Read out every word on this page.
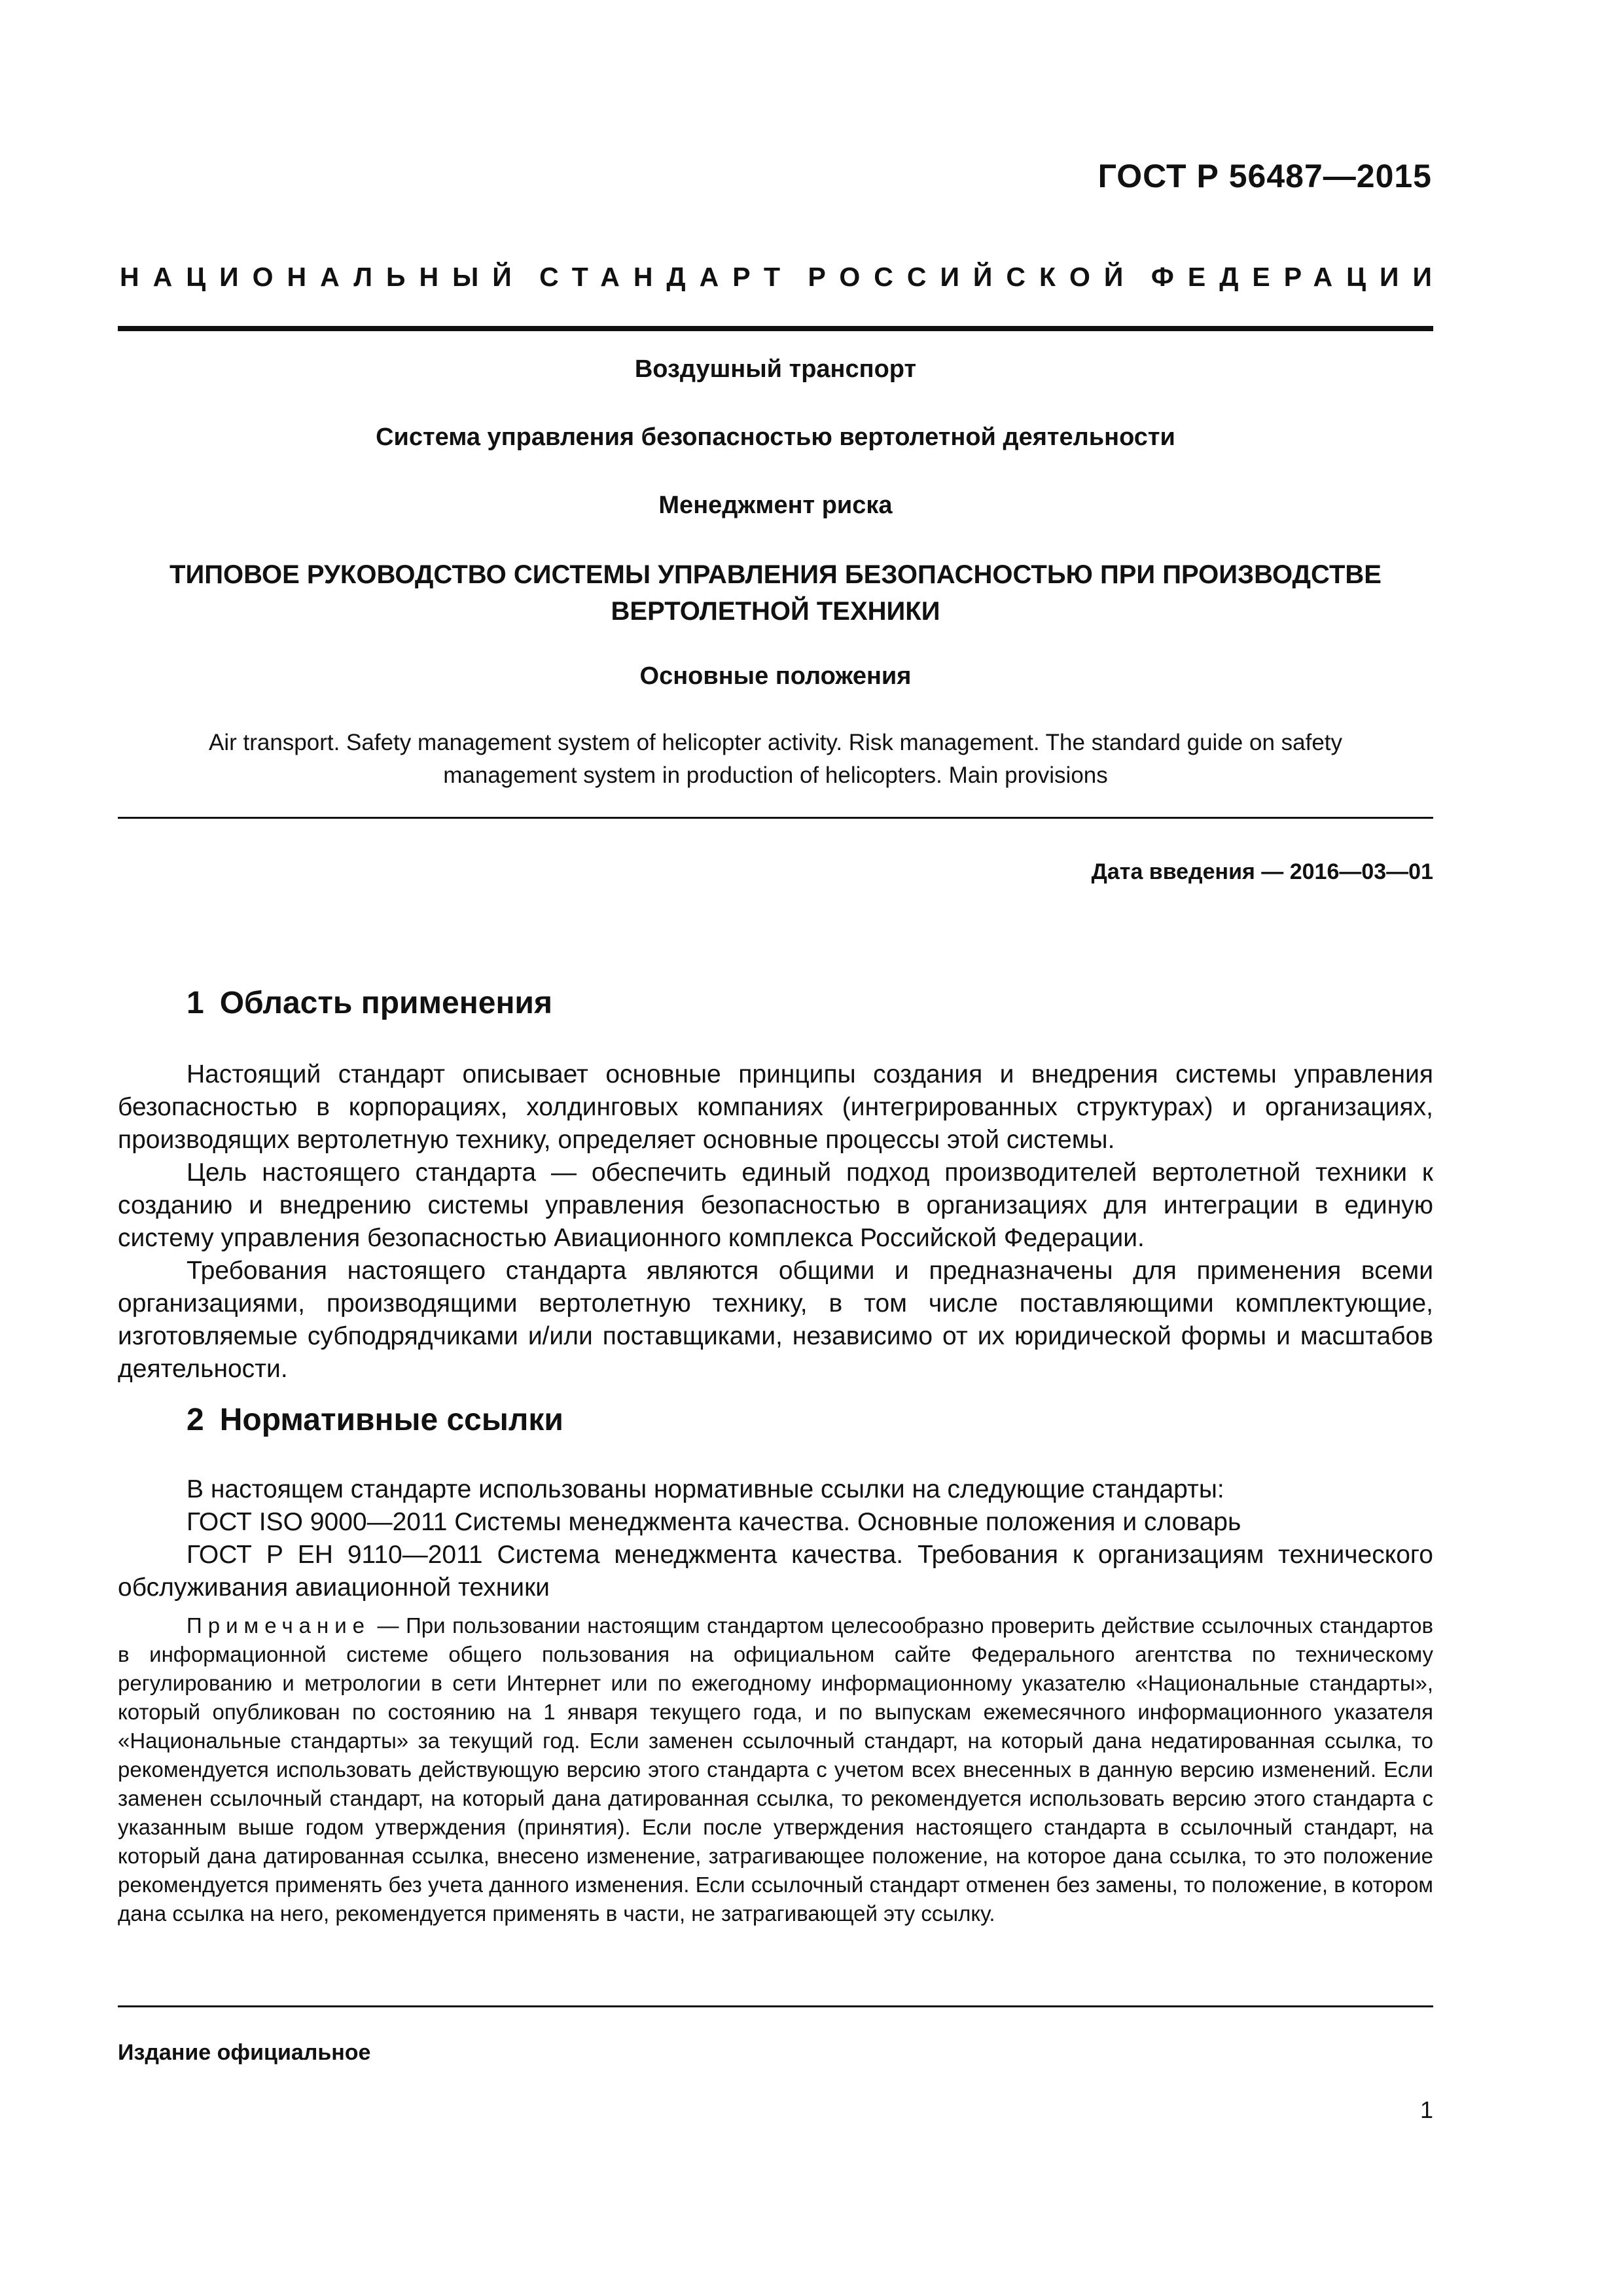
ГОСТ Р 56487—2015
НАЦИОНАЛЬНЫЙ СТАНДАРТ РОССИЙСКОЙ ФЕДЕРАЦИИ
Воздушный транспорт
Система управления безопасностью вертолетной деятельности
Менеджмент риска
ТИПОВОЕ РУКОВОДСТВО СИСТЕМЫ УПРАВЛЕНИЯ БЕЗОПАСНОСТЬЮ ПРИ ПРОИЗВОДСТВЕ
ВЕРТОЛЕТНОЙ ТЕХНИКИ
Основные положения
Air transport. Safety management system of helicopter activity. Risk management. The standard guide on safety
management system in production of helicopters. Main provisions
Дата введения — 2016—03—01
1 Область применения

Настоящий стандарт описывает основные принципы создания и внедрения системы управления безопасностью в корпорациях, холдинговых компаниях (интегрированных структурах) и организациях, производящих вертолетную технику, определяет основные процессы этой системы.

Цель настоящего стандарта — обеспечить единый подход производителей вертолетной техники к созданию и внедрению системы управления безопасностью в организациях для интеграции в единую систему управления безопасностью Авиационного комплекса Российской Федерации.

Требования настоящего стандарта являются общими и предназначены для применения всеми организациями, производящими вертолетную технику, в том числе поставляющими комплектующие, изготовляемые субподрядчиками и/или поставщиками, независимо от их юридической формы и масштабов деятельности.

2 Нормативные ссылки

В настоящем стандарте использованы нормативные ссылки на следующие стандарты:

ГОСТ ISO 9000—2011 Системы менеджмента качества. Основные положения и словарь

ГОСТ Р ЕН 9110—2011 Система менеджмента качества. Требования к организациям технического обслуживания авиационной техники

Примечание — При пользовании настоящим стандартом целесообразно проверить действие ссылочных стандартов в информационной системе общего пользования на официальном сайте Федерального агентства по техническому регулированию и метрологии в сети Интернет или по ежегодному информационному указателю «Национальные стандарты», который опубликован по состоянию на 1 января текущего года, и по выпускам ежемесячного информационного указателя «Национальные стандарты» за текущий год. Если заменен ссылочный стандарт, на который дана недатированная ссылка, то рекомендуется использовать действующую версию этого стандарта с учетом всех внесенных в данную версию изменений. Если заменен ссылочный стандарт, на который дана датированная ссылка, то рекомендуется использовать версию этого стандарта с указанным выше годом утверждения (принятия). Если после утверждения настоящего стандарта в ссылочный стандарт, на который дана датированная ссылка, внесено изменение, затрагивающее положение, на которое дана ссылка, то это положение рекомендуется применять без учета данного изменения. Если ссылочный стандарт отменен без замены, то положение, в котором дана ссылка на него, рекомендуется применять в части, не затрагивающей эту ссылку.

Издание официальное
1
